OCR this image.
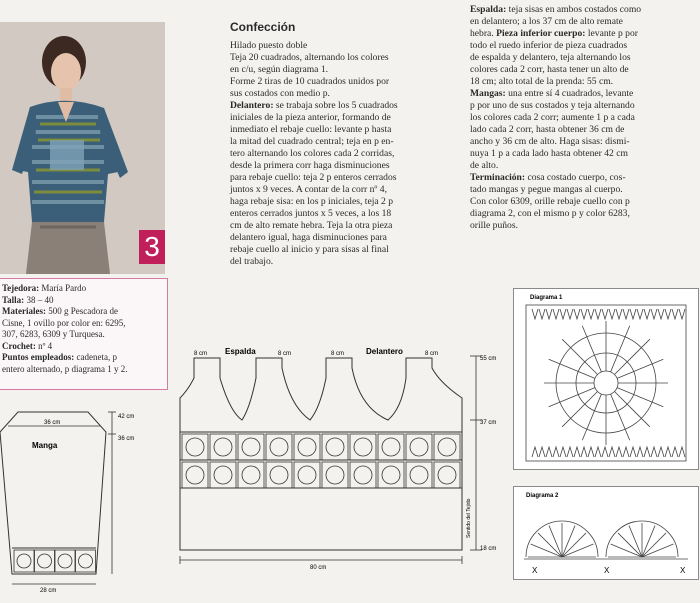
3
Tejedora: María Pardo
Talla: 38 – 40
Materiales: 500 g Pescadora de
Cisne, 1 ovillo por color en: 6295,
307, 6283, 6309 y Turquesa.
Crochet: nº 4
Puntos empleados: cadeneta, p
entero alternado, p diagrama 1 y 2.
Confección

Hilado puesto doble

Teja 20 cuadrados, alternando los colores

en c/u, según diagrama 1.

Forme 2 tiras de 10 cuadrados unidos por

sus costados con medio p.

Delantero: se trabaja sobre los 5 cuadrados

iniciales de la pieza anterior, formando de

inmediato el rebaje cuello: levante p hasta

la mitad del cuadrado central; teja en p en-

tero alternando los colores cada 2 corridas,

desde la primera corr haga disminuciones

para rebaje cuello: teja 2 p enteros cerrados

juntos x 9 veces. A contar de la corr nº 4,

haga rebaje sisa: en los p iniciales, teja 2 p

enteros cerrados juntos x 5 veces, a los 18

cm de alto remate hebra. Teja la otra pieza

delantero igual, haga disminuciones para

rebaje cuello al inicio y para sisas al final

del trabajo.

Espalda: teja sisas en ambos costados como

en delantero; a los 37 cm de alto remate

hebra. Pieza inferior cuerpo: levante p por

todo el ruedo inferior de pieza cuadrados

de espalda y delantero, teja alternando los

colores cada 2 corr, hasta tener un alto de

18 cm; alto total de la prenda: 55 cm.

Mangas: una entre sí 4 cuadrados, levante

p por uno de sus costados y teja alternando

los colores cada 2 corr; aumente 1 p a cada

lado cada 2 corr, hasta obtener 36 cm de

ancho y 36 cm de alto. Haga sisas: dismi-

nuya 1 p a cada lado hasta obtener 42 cm

de alto.

Terminación: cosa costado cuerpo, cos-

tado mangas y pegue mangas al cuerpo.

Con color 6309, orille rebaje cuello con p

diagrama 2, con el mismo p y color 6283,

orille puños.

Espalda	Delantero
8 cm	8 cm	8 cm	8 cm
55 cm
37 cm
18 cm
80 cm
Sentido del Tejido
36 cm
Manga
42 cm
36 cm
28 cm
Diagrama 1
Diagrama 2
X	X	X
